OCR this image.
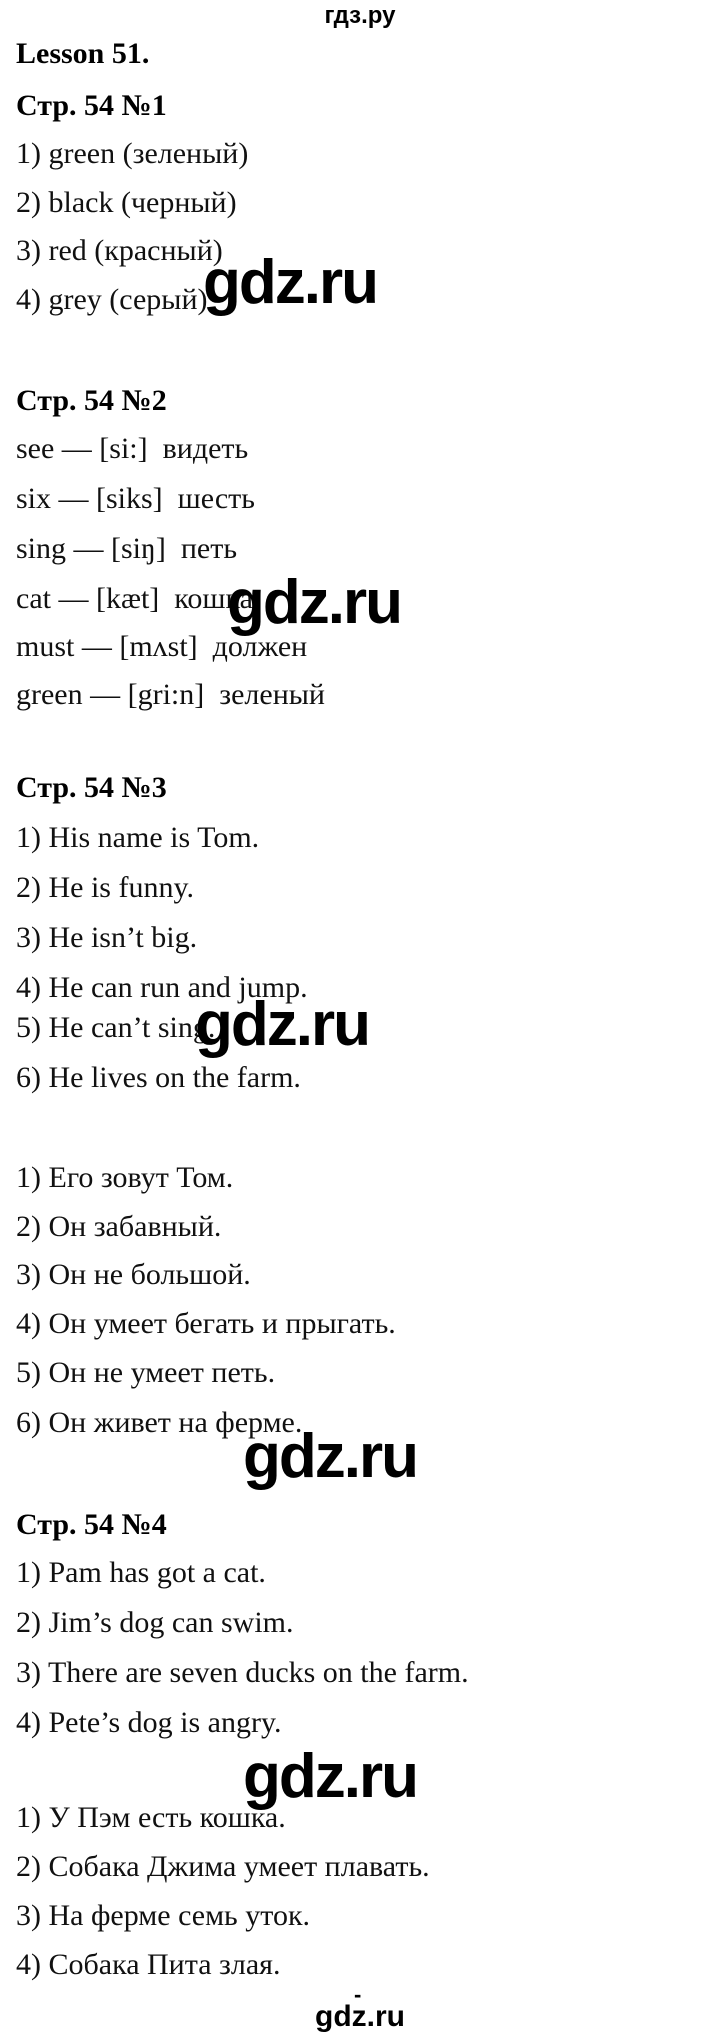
гдз.ру
Lesson 51.
Стр. 54 №1
1) green (зеленый)
2) black (черный)
3) red (красный)
4) grey (серый)
gdz.ru
Стр. 54 №2
see — [si:]  видеть
six — [siks]  шесть
sing — [siŋ]  петь
cat — [kæt]  кошка
must — [mʌst]  должен
green — [gri:n]  зеленый
gdz.ru
Стр. 54 №3
1) His name is Tom.
2) He is funny.
3) He isn’t big.
4) He can run and jump.
5) He can’t sing.
6) He lives on the farm.
gdz.ru
1) Его зовут Том.
2) Он забавный.
3) Он не большой.
4) Он умеет бегать и прыгать.
5) Он не умеет петь.
6) Он живет на ферме.
gdz.ru
Стр. 54 №4
1) Pam has got a cat.
2) Jim’s dog can swim.
3) There are seven ducks on the farm.
4) Pete’s dog is angry.
gdz.ru
1) У Пэм есть кошка.
2) Собака Джима умеет плавать.
3) На ферме семь уток.
4) Собака Пита злая.
-
gdz.ru
